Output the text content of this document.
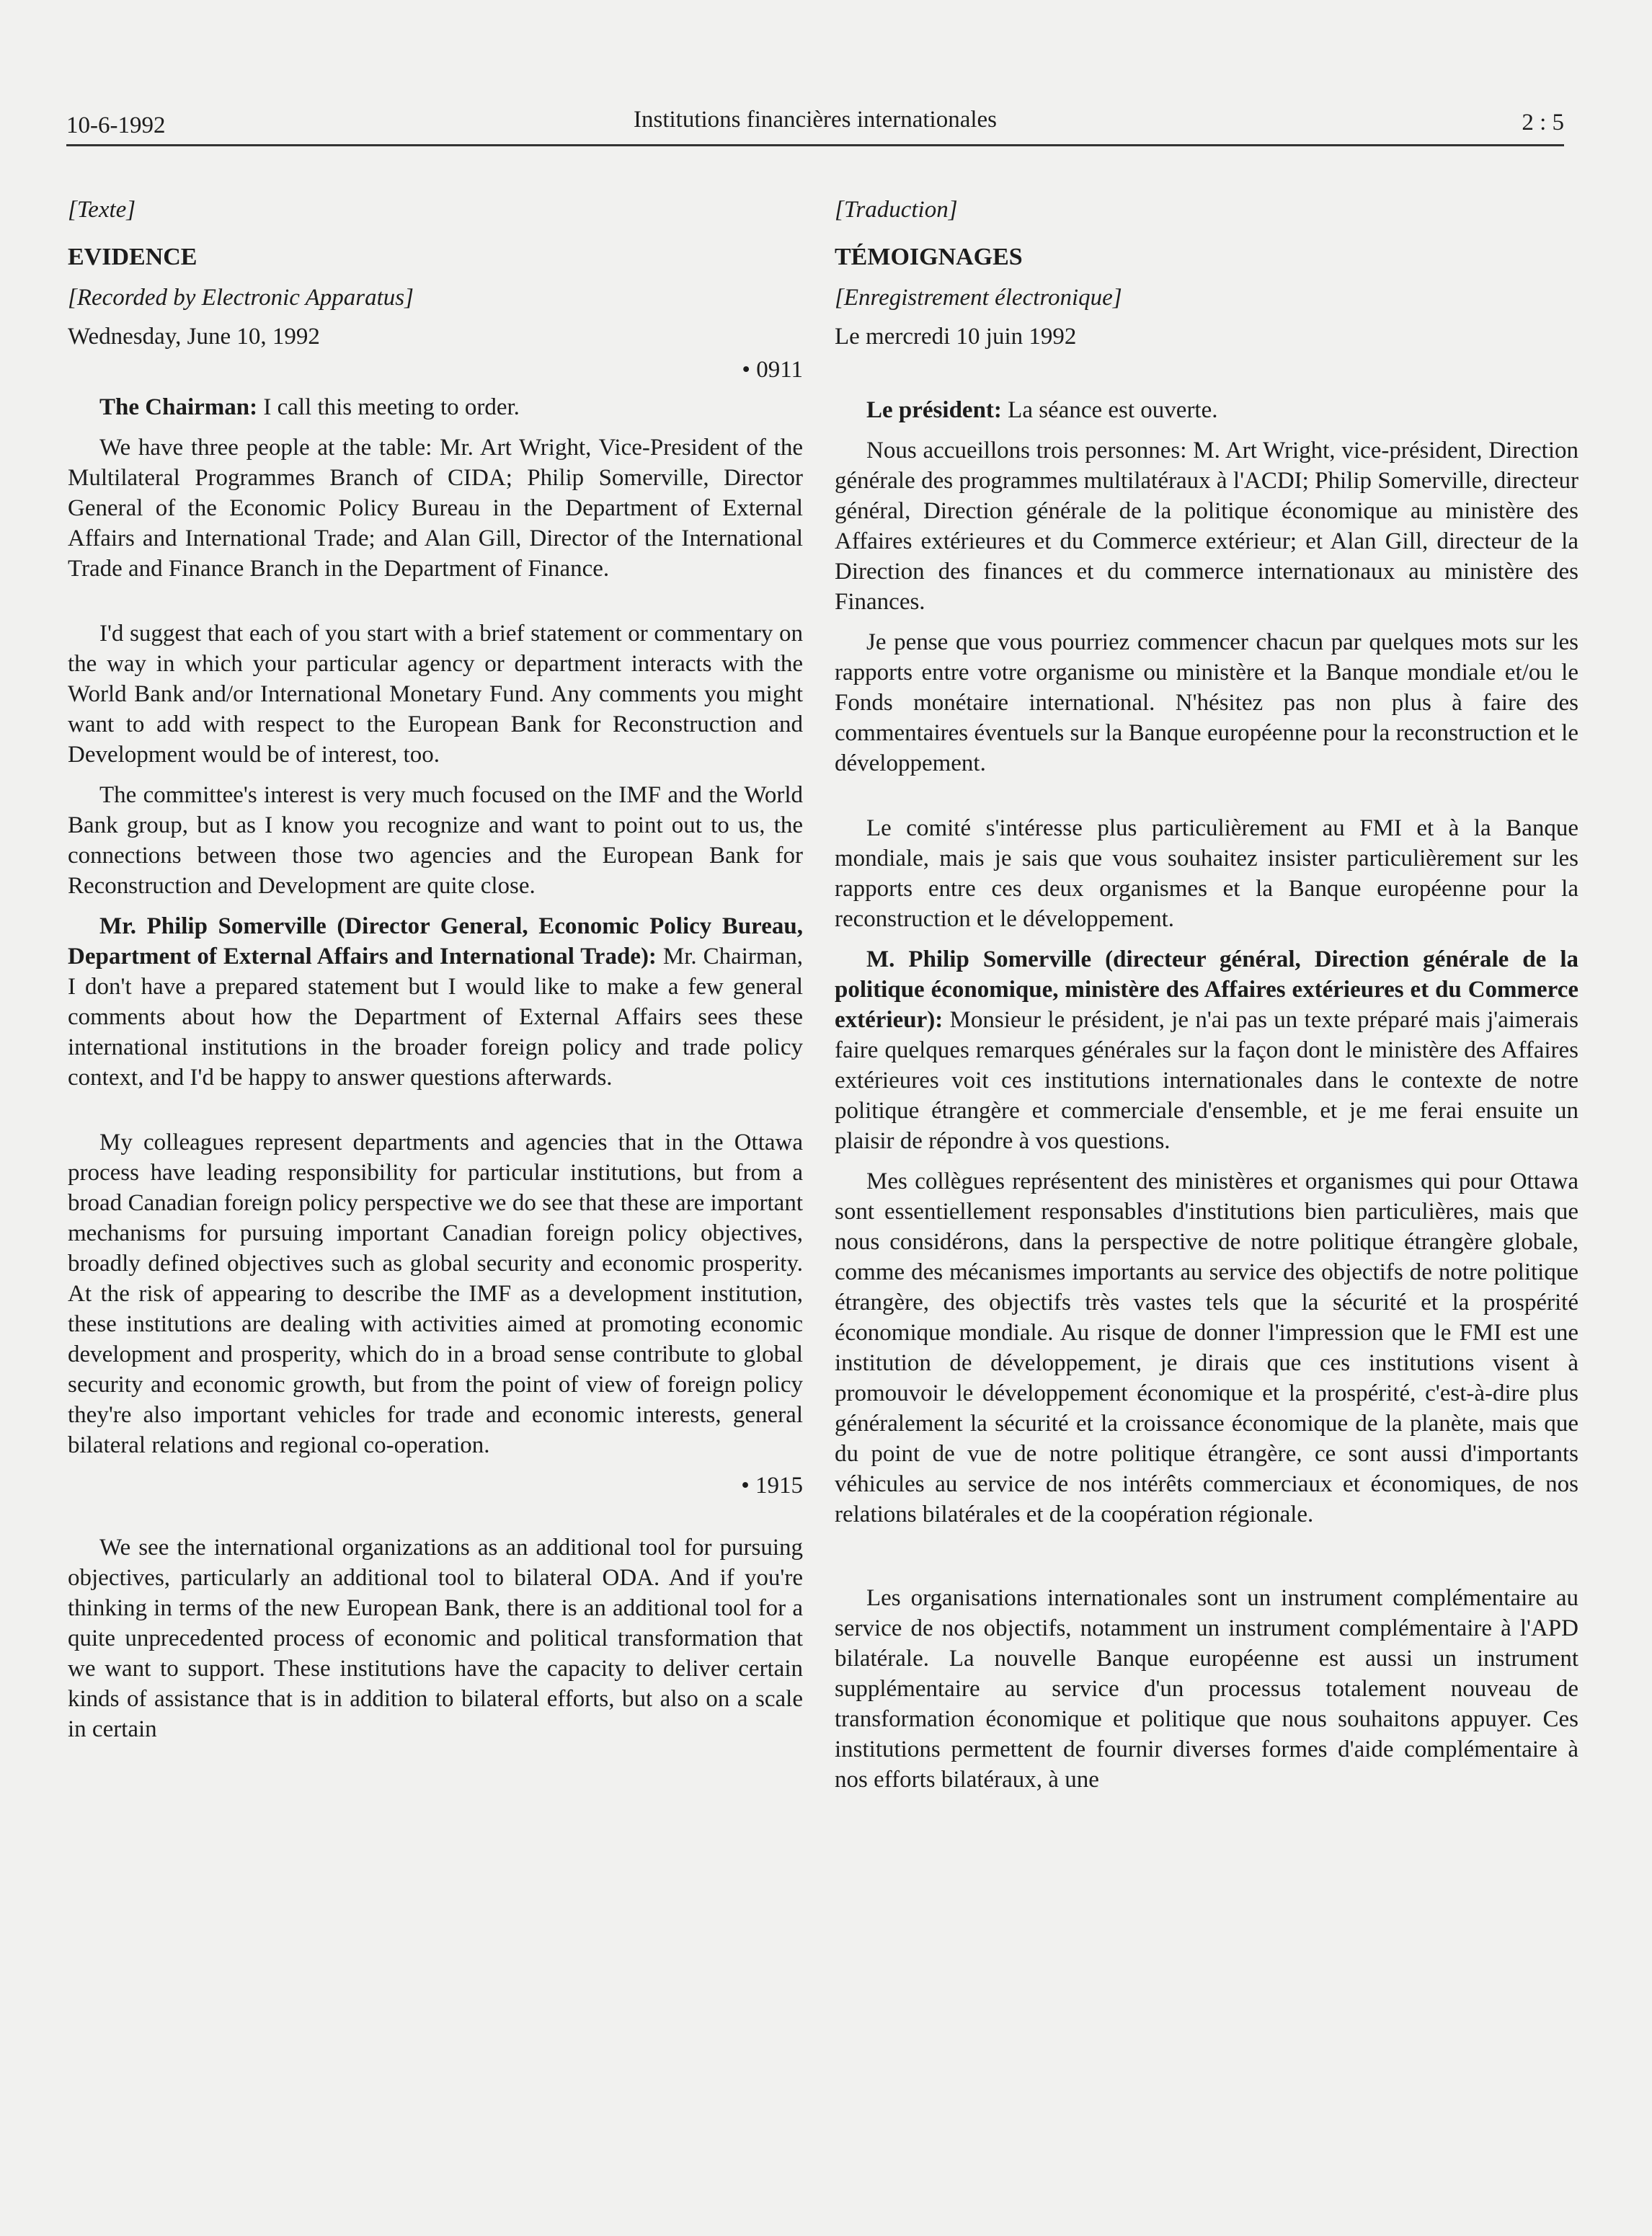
10-6-1992	Institutions financières internationales	2 : 5
[Texte]
EVIDENCE
[Recorded by Electronic Apparatus]
Wednesday, June 10, 1992
• 0911

The Chairman: I call this meeting to order.

We have three people at the table: Mr. Art Wright, Vice-President of the Multilateral Programmes Branch of CIDA; Philip Somerville, Director General of the Economic Policy Bureau in the Department of External Affairs and International Trade; and Alan Gill, Director of the International Trade and Finance Branch in the Department of Finance.

I'd suggest that each of you start with a brief statement or commentary on the way in which your particular agency or department interacts with the World Bank and/or International Monetary Fund. Any comments you might want to add with respect to the European Bank for Reconstruction and Development would be of interest, too.

The committee's interest is very much focused on the IMF and the World Bank group, but as I know you recognize and want to point out to us, the connections between those two agencies and the European Bank for Reconstruction and Development are quite close.

Mr. Philip Somerville (Director General, Economic Policy Bureau, Department of External Affairs and International Trade): Mr. Chairman, I don't have a prepared statement but I would like to make a few general comments about how the Department of External Affairs sees these international institutions in the broader foreign policy and trade policy context, and I'd be happy to answer questions afterwards.

My colleagues represent departments and agencies that in the Ottawa process have leading responsibility for particular institutions, but from a broad Canadian foreign policy perspective we do see that these are important mechanisms for pursuing important Canadian foreign policy objectives, broadly defined objectives such as global security and economic prosperity. At the risk of appearing to describe the IMF as a development institution, these institutions are dealing with activities aimed at promoting economic development and prosperity, which do in a broad sense contribute to global security and economic growth, but from the point of view of foreign policy they're also important vehicles for trade and economic interests, general bilateral relations and regional co-operation.

• 1915

We see the international organizations as an additional tool for pursuing objectives, particularly an additional tool to bilateral ODA. And if you're thinking in terms of the new European Bank, there is an additional tool for a quite unprecedented process of economic and political transformation that we want to support. These institutions have the capacity to deliver certain kinds of assistance that is in addition to bilateral efforts, but also on a scale in certain

[Traduction]
TÉMOIGNAGES
[Enregistrement électronique]
Le mercredi 10 juin 1992

Le président: La séance est ouverte.

Nous accueillons trois personnes: M. Art Wright, vice-président, Direction générale des programmes multilatéraux à l'ACDI; Philip Somerville, directeur général, Direction générale de la politique économique au ministère des Affaires extérieures et du Commerce extérieur; et Alan Gill, directeur de la Direction des finances et du commerce internationaux au ministère des Finances.

Je pense que vous pourriez commencer chacun par quelques mots sur les rapports entre votre organisme ou ministère et la Banque mondiale et/ou le Fonds monétaire international. N'hésitez pas non plus à faire des commentaires éventuels sur la Banque européenne pour la reconstruction et le développement.

Le comité s'intéresse plus particulièrement au FMI et à la Banque mondiale, mais je sais que vous souhaitez insister particulièrement sur les rapports entre ces deux organismes et la Banque européenne pour la reconstruction et le développement.

M. Philip Somerville (directeur général, Direction générale de la politique économique, ministère des Affaires extérieures et du Commerce extérieur): Monsieur le président, je n'ai pas un texte préparé mais j'aimerais faire quelques remarques générales sur la façon dont le ministère des Affaires extérieures voit ces institutions internationales dans le contexte de notre politique étrangère et commerciale d'ensemble, et je me ferai ensuite un plaisir de répondre à vos questions.

Mes collègues représentent des ministères et organismes qui pour Ottawa sont essentiellement responsables d'institutions bien particulières, mais que nous considérons, dans la perspective de notre politique étrangère globale, comme des mécanismes importants au service des objectifs de notre politique étrangère, des objectifs très vastes tels que la sécurité et la prospérité économique mondiale. Au risque de donner l'impression que le FMI est une institution de développement, je dirais que ces institutions visent à promouvoir le développement économique et la prospérité, c'est-à-dire plus généralement la sécurité et la croissance économique de la planète, mais que du point de vue de notre politique étrangère, ce sont aussi d'importants véhicules au service de nos intérêts commerciaux et économiques, de nos relations bilatérales et de la coopération régionale.

Les organisations internationales sont un instrument complémentaire au service de nos objectifs, notamment un instrument complémentaire à l'APD bilatérale. La nouvelle Banque européenne est aussi un instrument supplémentaire au service d'un processus totalement nouveau de transformation économique et politique que nous souhaitons appuyer. Ces institutions permettent de fournir diverses formes d'aide complémentaire à nos efforts bilatéraux, à une
